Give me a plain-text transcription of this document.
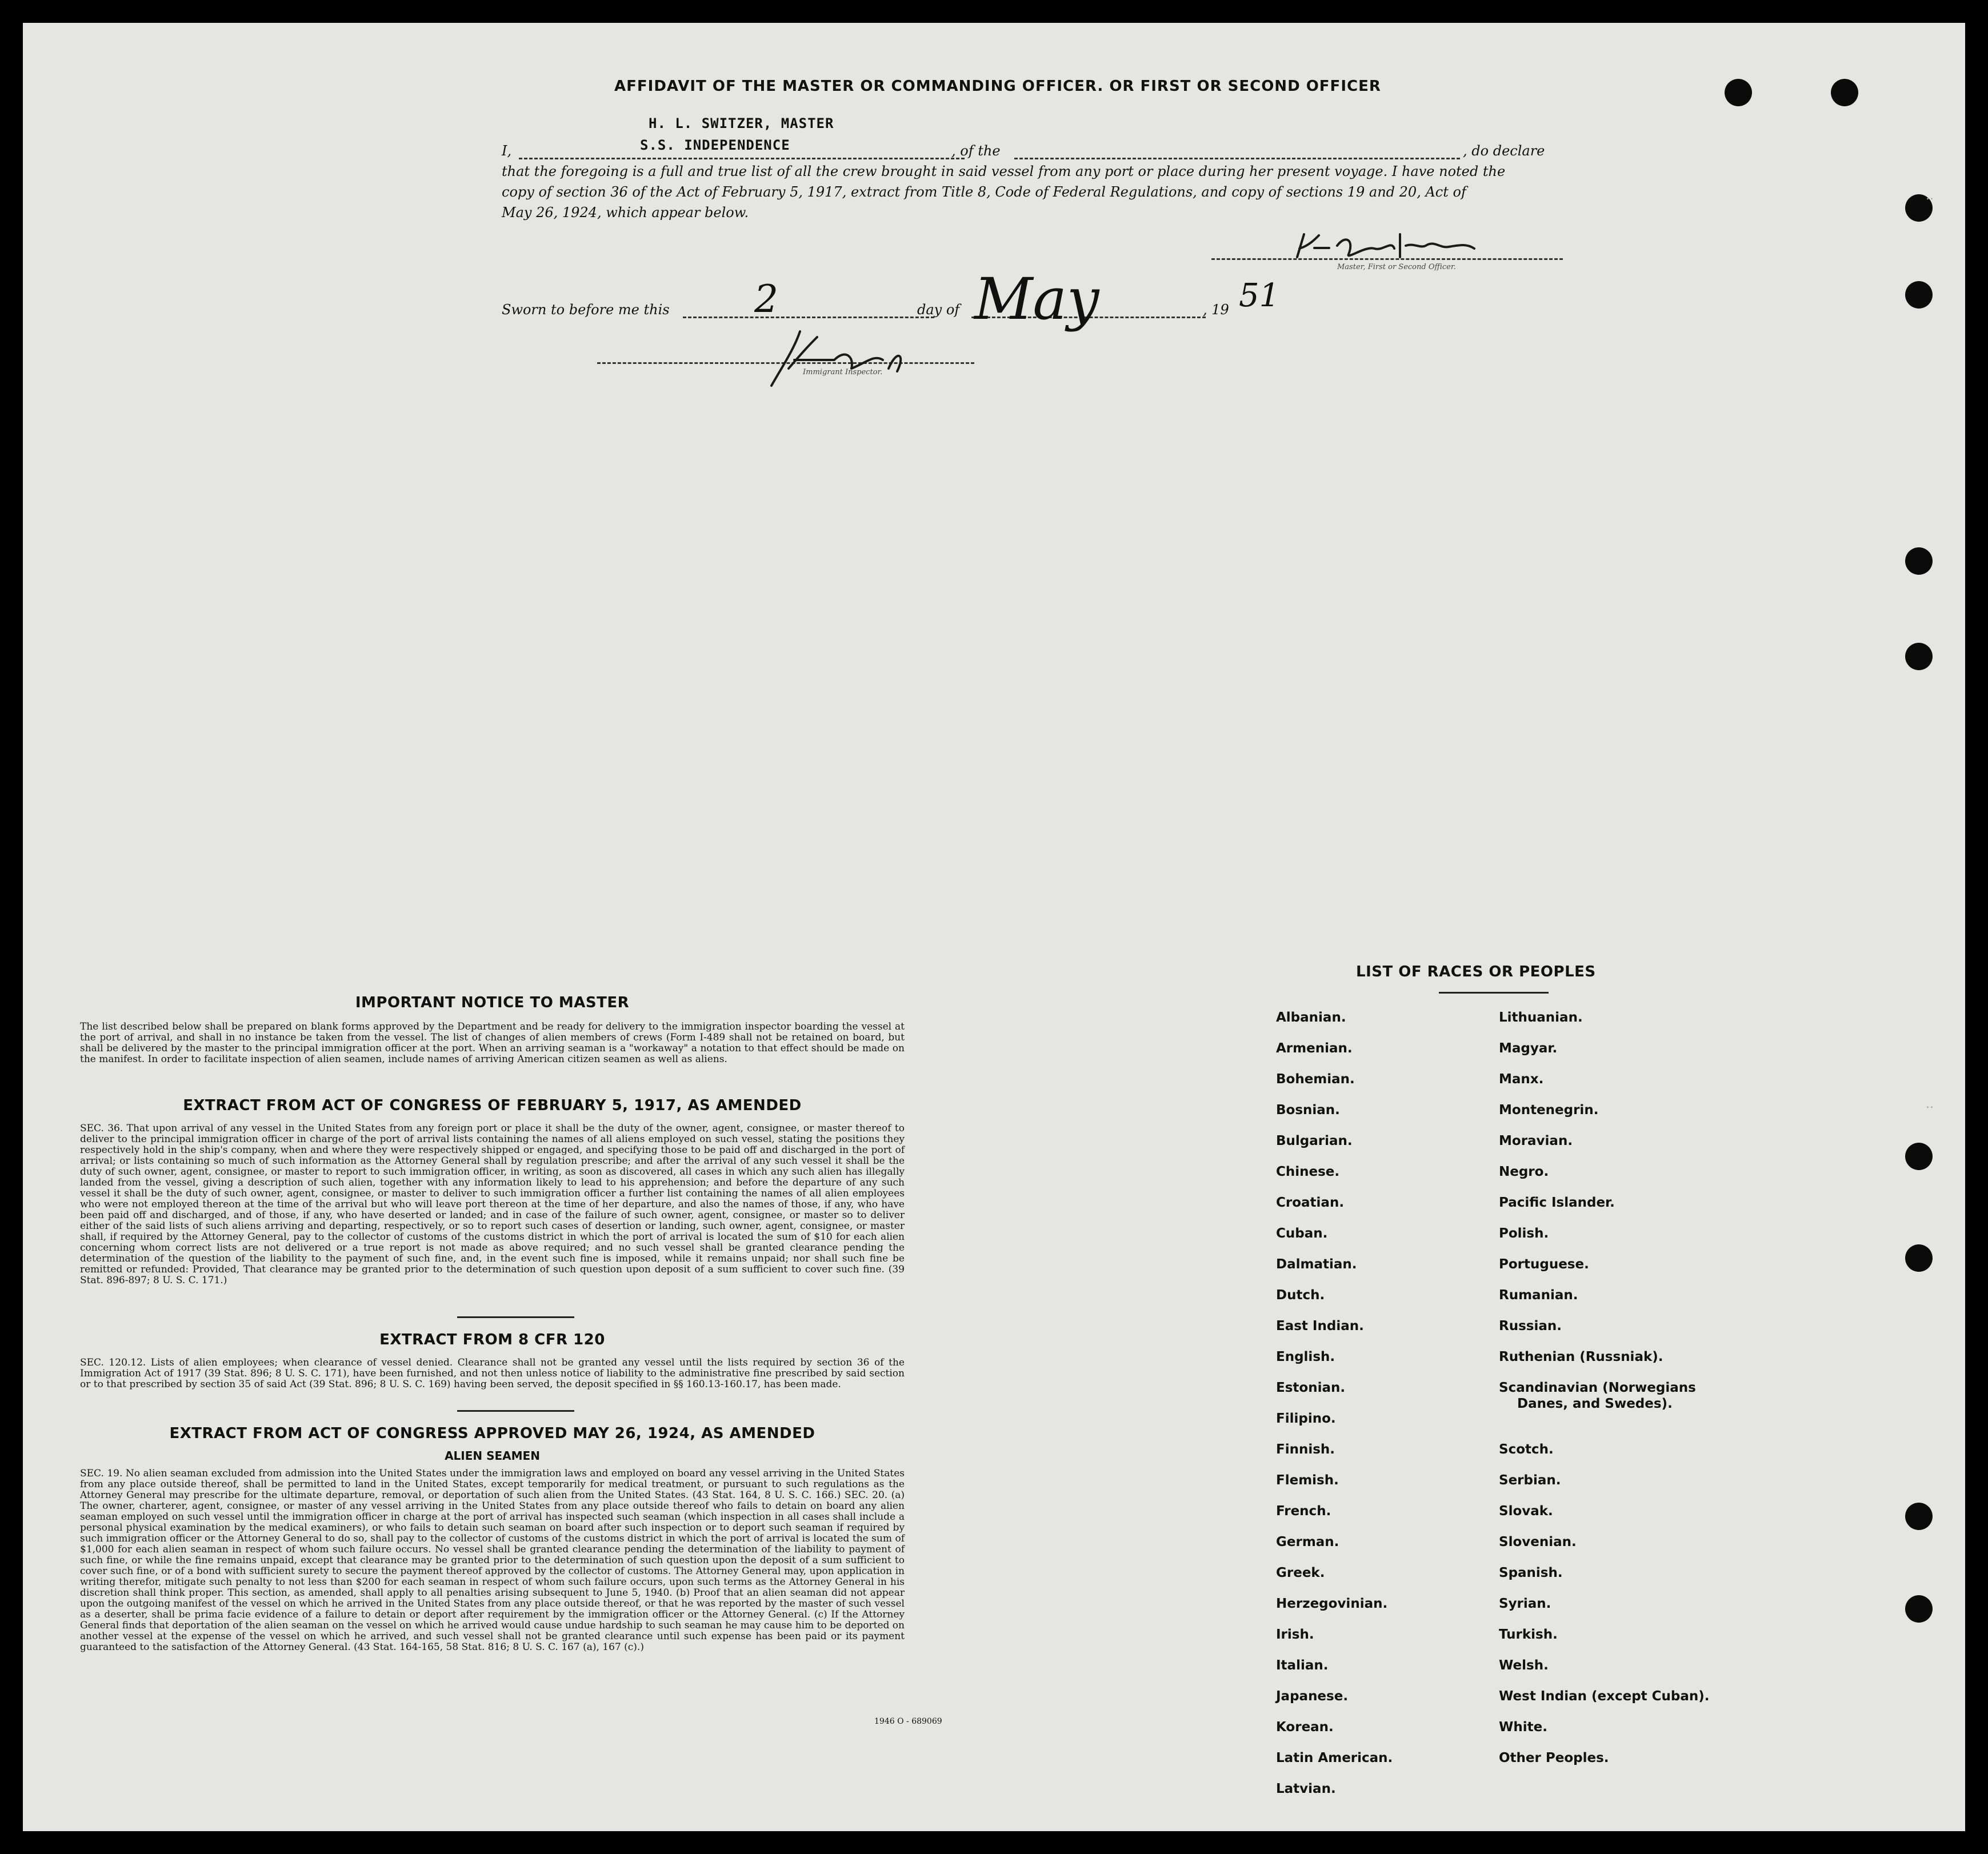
..
..
AFFIDAVIT OF THE MASTER OR COMMANDING OFFICER. OR FIRST OR SECOND OFFICER
H. L. SWITZER, MASTER
S.S. INDEPENDENCE
I,	, of the	, do declare
that the foregoing is a full and true list of all the crew brought in said vessel from any port or place during her present voyage. I have noted the
copy of section 36 of the Act of February 5, 1917, extract from Title 8, Code of Federal Regulations, and copy of sections 19 and 20, Act of
May 26, 1924, which appear below.
Master, First or Second Officer.
Sworn to before me this 2	day of May	, 19 51
Immigrant Inspector.
IMPORTANT NOTICE TO MASTER
The list described below shall be prepared on blank forms approved by the Department and be ready for delivery to the immigration inspector boarding the vessel at the port of arrival, and shall in no instance be taken from the vessel. The list of changes of alien members of crews (Form I-489 shall not be retained on board, but shall be delivered by the master to the principal immigration officer at the port. When an arriving seaman is a "workaway" a notation to that effect should be made on the manifest. In order to facilitate inspection of alien seamen, include names of arriving American citizen seamen as well as aliens.
EXTRACT FROM ACT OF CONGRESS OF FEBRUARY 5, 1917, AS AMENDED
SEC. 36. That upon arrival of any vessel in the United States from any foreign port or place it shall be the duty of the owner, agent, consignee, or master thereof to deliver to the principal immigration officer in charge of the port of arrival lists containing the names of all aliens employed on such vessel, stating the positions they respectively hold in the ship's company, when and where they were respectively shipped or engaged, and specifying those to be paid off and discharged in the port of arrival; or lists containing so much of such information as the Attorney General shall by regulation prescribe; and after the arrival of any such vessel it shall be the duty of such owner, agent, consignee, or master to report to such immigration officer, in writing, as soon as discovered, all cases in which any such alien has illegally landed from the vessel, giving a description of such alien, together with any information likely to lead to his apprehension; and before the departure of any such vessel it shall be the duty of such owner, agent, consignee, or master to deliver to such immigration officer a further list containing the names of all alien employees who were not employed thereon at the time of the arrival but who will leave port thereon at the time of her departure, and also the names of those, if any, who have been paid off and discharged, and of those, if any, who have deserted or landed; and in case of the failure of such owner, agent, consignee, or master so to deliver either of the said lists of such aliens arriving and departing, respectively, or so to report such cases of desertion or landing, such owner, agent, consignee, or master shall, if required by the Attorney General, pay to the collector of customs of the customs district in which the port of arrival is located the sum of $10 for each alien concerning whom correct lists are not delivered or a true report is not made as above required; and no such vessel shall be granted clearance pending the determination of the question of the liability to the payment of such fine, and, in the event such fine is imposed, while it remains unpaid; nor shall such fine be remitted or refunded: Provided, That clearance may be granted prior to the determination of such question upon deposit of a sum sufficient to cover such fine. (39 Stat. 896-897; 8 U. S. C. 171.)
EXTRACT FROM 8 CFR 120
SEC. 120.12. Lists of alien employees; when clearance of vessel denied. Clearance shall not be granted any vessel until the lists required by section 36 of the Immigration Act of 1917 (39 Stat. 896; 8 U. S. C. 171), have been furnished, and not then unless notice of liability to the administrative fine prescribed by said section or to that prescribed by section 35 of said Act (39 Stat. 896; 8 U. S. C. 169) having been served, the deposit specified in §§ 160.13-160.17, has been made.
EXTRACT FROM ACT OF CONGRESS APPROVED MAY 26, 1924, AS AMENDED
ALIEN SEAMEN
SEC. 19. No alien seaman excluded from admission into the United States under the immigration laws and employed on board any vessel arriving in the United States from any place outside thereof, shall be permitted to land in the United States, except temporarily for medical treatment, or pursuant to such regulations as the Attorney General may prescribe for the ultimate departure, removal, or deportation of such alien from the United States. (43 Stat. 164, 8 U. S. C. 166.) SEC. 20. (a) The owner, charterer, agent, consignee, or master of any vessel arriving in the United States from any place outside thereof who fails to detain on board any alien seaman employed on such vessel until the immigration officer in charge at the port of arrival has inspected such seaman (which inspection in all cases shall include a personal physical examination by the medical examiners), or who fails to detain such seaman on board after such inspection or to deport such seaman if required by such immigration officer or the Attorney General to do so, shall pay to the collector of customs of the customs district in which the port of arrival is located the sum of $1,000 for each alien seaman in respect of whom such failure occurs. No vessel shall be granted clearance pending the determination of the liability to payment of such fine, or while the fine remains unpaid, except that clearance may be granted prior to the determination of such question upon the deposit of a sum sufficient to cover such fine, or of a bond with sufficient surety to secure the payment thereof approved by the collector of customs. The Attorney General may, upon application in writing therefor, mitigate such penalty to not less than $200 for each seaman in respect of whom such failure occurs, upon such terms as the Attorney General in his discretion shall think proper. This section, as amended, shall apply to all penalties arising subsequent to June 5, 1940. (b) Proof that an alien seaman did not appear upon the outgoing manifest of the vessel on which he arrived in the United States from any place outside thereof, or that he was reported by the master of such vessel as a deserter, shall be prima facie evidence of a failure to detain or deport after requirement by the immigration officer or the Attorney General. (c) If the Attorney General finds that deportation of the alien seaman on the vessel on which he arrived would cause undue hardship to such seaman he may cause him to be deported on another vessel at the expense of the vessel on which he arrived, and such vessel shall not be granted clearance until such expense has been paid or its payment guaranteed to the satisfaction of the Attorney General. (43 Stat. 164-165, 58 Stat. 816; 8 U. S. C. 167 (a), 167 (c).)
1946 O - 689069
LIST OF RACES OR PEOPLES
Albanian.
Armenian.
Bohemian.
Bosnian.
Bulgarian.
Chinese.
Croatian.
Cuban.
Dalmatian.
Dutch.
East Indian.
English.
Estonian.
Filipino.
Finnish.
Flemish.
French.
German.
Greek.
Herzegovinian.
Irish.
Italian.
Japanese.
Korean.
Latin American.
Latvian.
Lithuanian.
Magyar.
Manx.
Montenegrin.
Moravian.
Negro.
Pacific Islander.
Polish.
Portuguese.
Rumanian.
Russian.
Ruthenian (Russniak).
Scandinavian (Norwegians
Danes, and Swedes).
Scotch.
Serbian.
Slovak.
Slovenian.
Spanish.
Syrian.
Turkish.
Welsh.
West Indian (except Cuban).
White.
Other Peoples.
